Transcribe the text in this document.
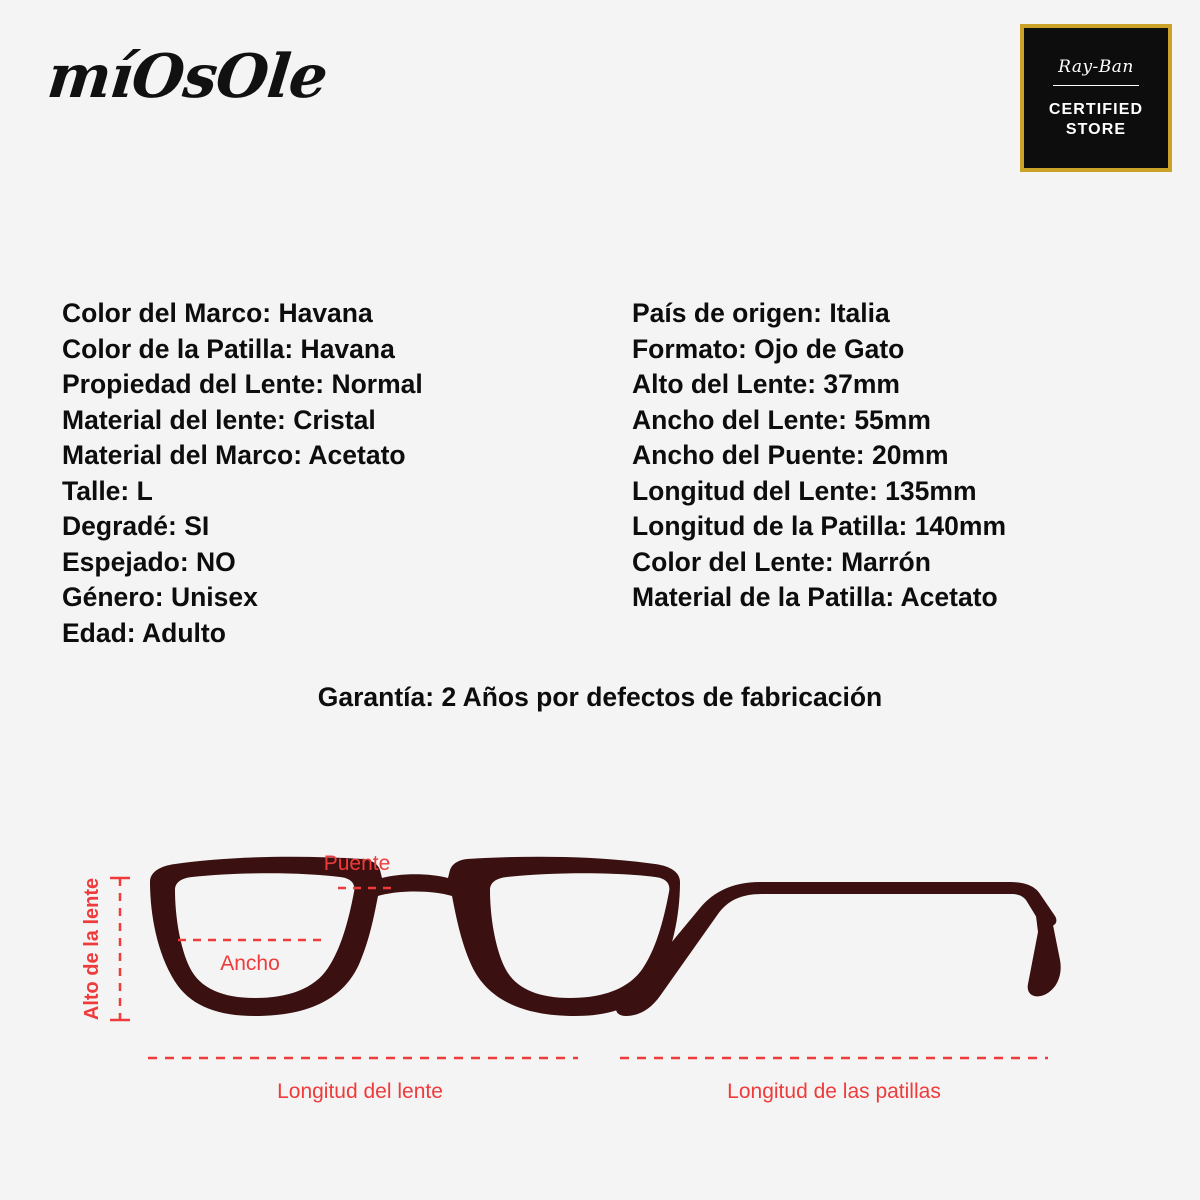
míOsOle	Ray-Ban
CERTIFIED
STORE
Color del Marco: Havana
Color de la Patilla: Havana
Propiedad del Lente: Normal
Material del lente: Cristal
Material del Marco: Acetato
Talle: L
Degradé: SI
Espejado: NO
Género: Unisex
Edad: Adulto
País de origen: Italia
Formato: Ojo de Gato
Alto del Lente: 37mm
Ancho del Lente: 55mm
Ancho del Puente: 20mm
Longitud del Lente: 135mm
Longitud de la Patilla: 140mm
Color del Lente: Marrón
Material de la Patilla: Acetato
Garantía: 2 Años por defectos de fabricación
Puente
Ancho
Alto de la lente
Longitud del lente	Longitud de las patillas
